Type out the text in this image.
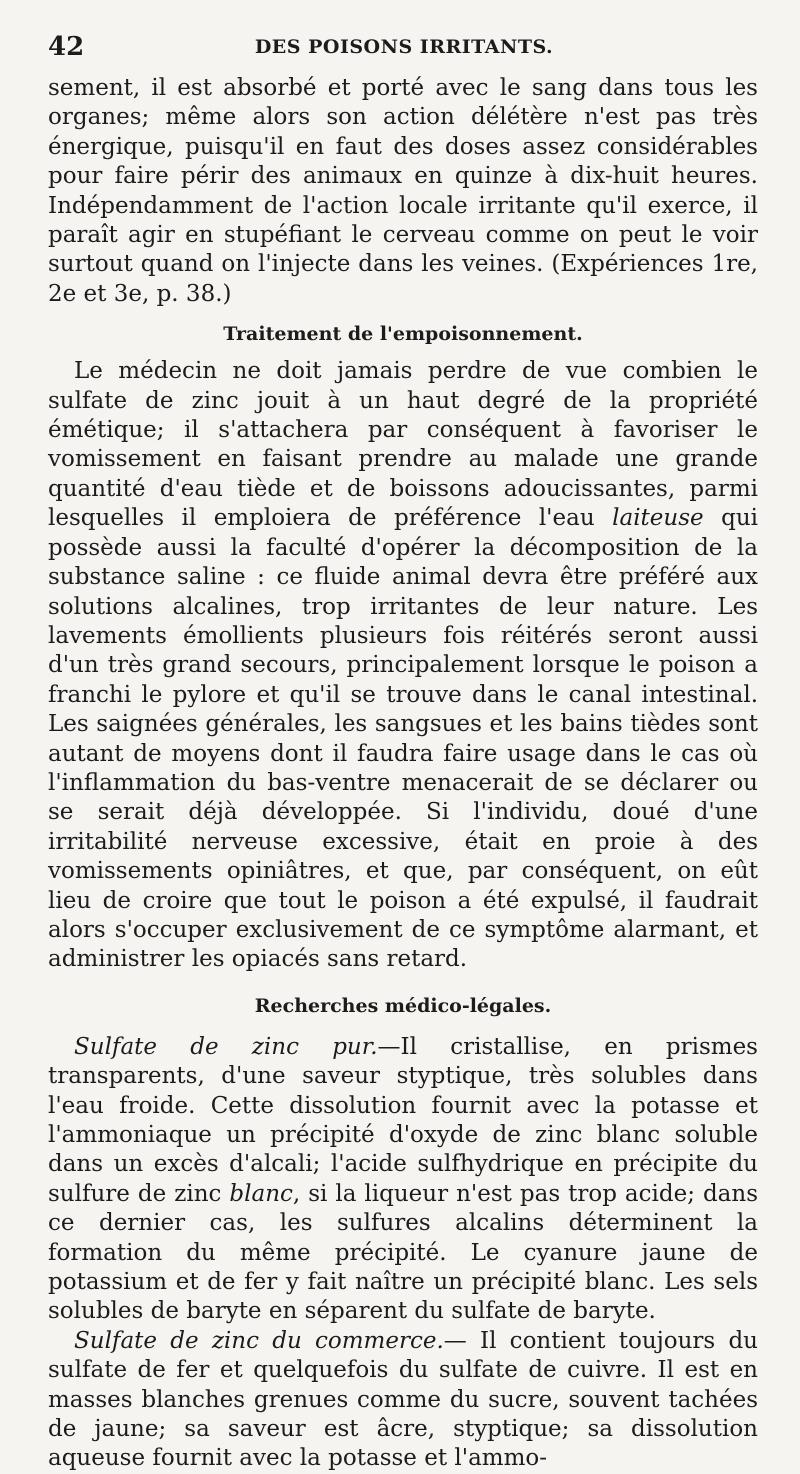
42	DES POISONS IRRITANTS.

sement, il est absorbé et porté avec le sang dans tous les organes; même alors son action délétère n'est pas très énergique, puisqu'il en faut des doses assez considérables pour faire périr des animaux en quinze à dix-huit heures. Indépendamment de l'action locale irritante qu'il exerce, il paraît agir en stupéfiant le cerveau comme on peut le voir surtout quand on l'injecte dans les veines. (Expériences 1re, 2e et 3e, p. 38.)

Traitement de l'empoisonnement.

Le médecin ne doit jamais perdre de vue combien le sulfate de zinc jouit à un haut degré de la propriété émétique; il s'attachera par conséquent à favoriser le vomissement en faisant prendre au malade une grande quantité d'eau tiède et de boissons adoucissantes, parmi lesquelles il emploiera de préférence l'eau laiteuse qui possède aussi la faculté d'opérer la décomposition de la substance saline : ce fluide animal devra être préféré aux solutions alcalines, trop irritantes de leur nature. Les lavements émollients plusieurs fois réitérés seront aussi d'un très grand secours, principalement lorsque le poison a franchi le pylore et qu'il se trouve dans le canal intestinal. Les saignées générales, les sangsues et les bains tièdes sont autant de moyens dont il faudra faire usage dans le cas où l'inflammation du bas-ventre menacerait de se déclarer ou se serait déjà développée. Si l'individu, doué d'une irritabilité nerveuse excessive, était en proie à des vomissements opiniâtres, et que, par conséquent, on eût lieu de croire que tout le poison a été expulsé, il faudrait alors s'occuper exclusivement de ce symptôme alarmant, et administrer les opiacés sans retard.

Recherches médico-légales.

Sulfate de zinc pur.—Il cristallise, en prismes transparents, d'une saveur styptique, très solubles dans l'eau froide. Cette dissolution fournit avec la potasse et l'ammoniaque un précipité d'oxyde de zinc blanc soluble dans un excès d'alcali; l'acide sulfhydrique en précipite du sulfure de zinc blanc, si la liqueur n'est pas trop acide; dans ce dernier cas, les sulfures alcalins déterminent la formation du même précipité. Le cyanure jaune de potassium et de fer y fait naître un précipité blanc. Les sels solubles de baryte en séparent du sulfate de baryte.

Sulfate de zinc du commerce.— Il contient toujours du sulfate de fer et quelquefois du sulfate de cuivre. Il est en masses blanches grenues comme du sucre, souvent tachées de jaune; sa saveur est âcre, styptique; sa dissolution aqueuse fournit avec la potasse et l'ammo-
